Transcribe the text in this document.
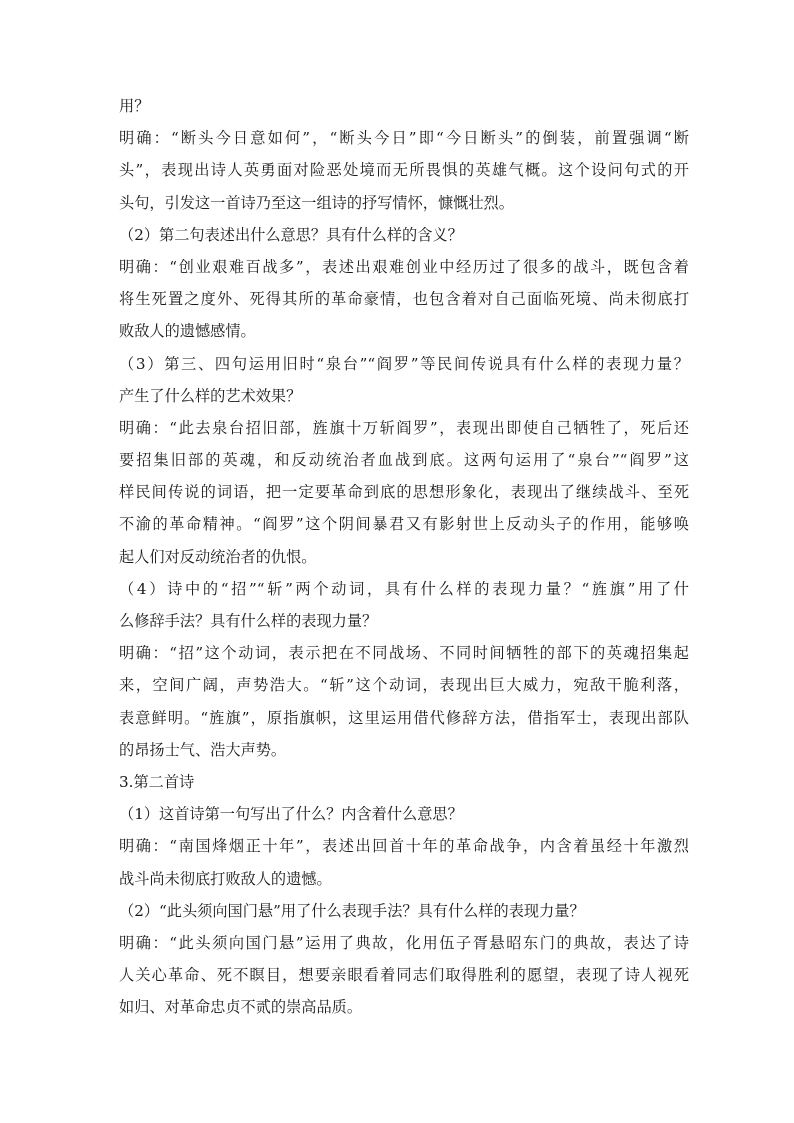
用？

明确：“断头今日意如何”，“断头今日”即“今日断头”的倒装，前置强调“断

头”，表现出诗人英勇面对险恶处境而无所畏惧的英雄气概。这个设问句式的开

头句，引发这一首诗乃至这一组诗的抒写情怀，慷慨壮烈。

（2）第二句表述出什么意思？具有什么样的含义？

明确：“创业艰难百战多”，表述出艰难创业中经历过了很多的战斗，既包含着

将生死置之度外、死得其所的革命豪情，也包含着对自己面临死境、尚未彻底打

败敌人的遗憾感情。

（3）第三、四句运用旧时“泉台”“阎罗”等民间传说具有什么样的表现力量？

产生了什么样的艺术效果？

明确：“此去泉台招旧部，旌旗十万斩阎罗”，表现出即使自己牺牲了，死后还

要招集旧部的英魂，和反动统治者血战到底。这两句运用了“泉台”“阎罗”这

样民间传说的词语，把一定要革命到底的思想形象化，表现出了继续战斗、至死

不渝的革命精神。“阎罗”这个阴间暴君又有影射世上反动头子的作用，能够唤

起人们对反动统治者的仇恨。

（4）诗中的“招”“斩”两个动词，具有什么样的表现力量？“旌旗”用了什

么修辞手法？具有什么样的表现力量？

明确：“招”这个动词，表示把在不同战场、不同时间牺牲的部下的英魂招集起

来，空间广阔，声势浩大。“斩”这个动词，表现出巨大威力，宛敌干脆利落，

表意鲜明。“旌旗”，原指旗帜，这里运用借代修辞方法，借指军士，表现出部队

的昂扬士气、浩大声势。

3.第二首诗

（1）这首诗第一句写出了什么？内含着什么意思？

明确：“南国烽烟正十年”，表述出回首十年的革命战争，内含着虽经十年激烈

战斗尚未彻底打败敌人的遗憾。

（2）“此头须向国门悬”用了什么表现手法？具有什么样的表现力量？

明确：“此头须向国门悬”运用了典故，化用伍子胥悬昭东门的典故，表达了诗

人关心革命、死不瞑目，想要亲眼看着同志们取得胜利的愿望，表现了诗人视死

如归、对革命忠贞不贰的崇高品质。
